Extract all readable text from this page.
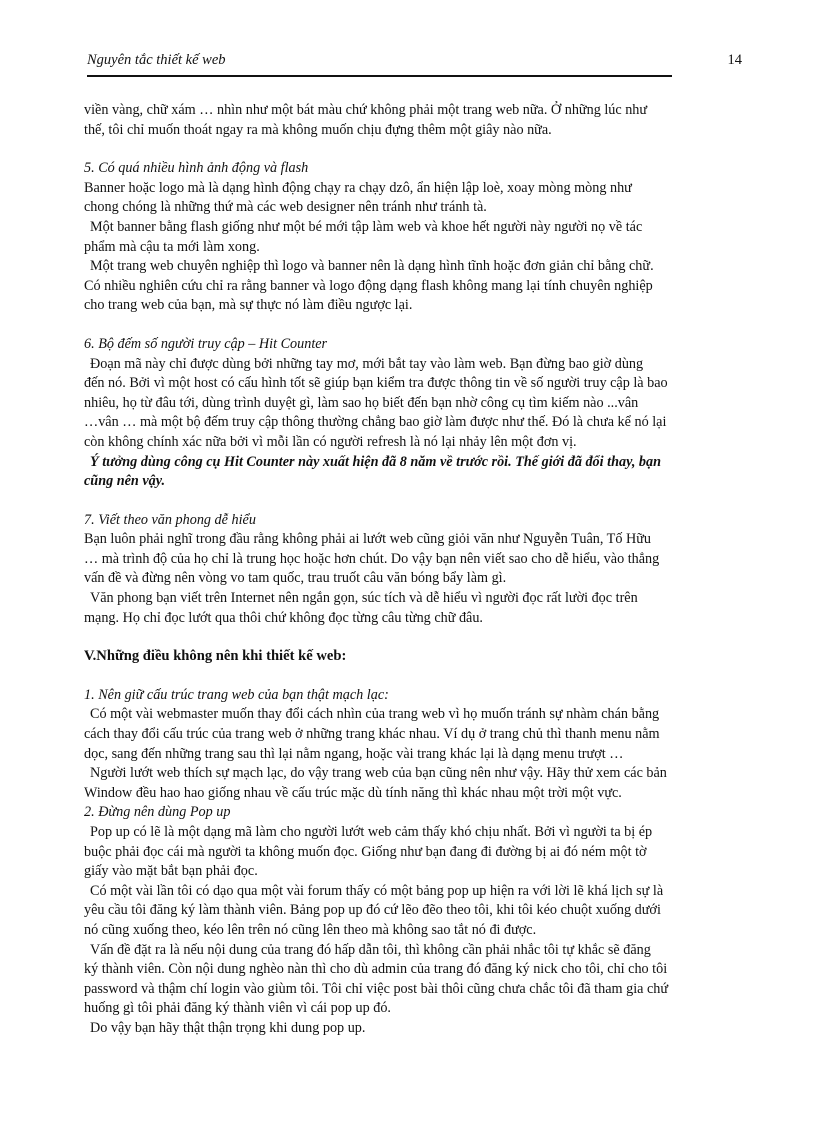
Nguyên tắc thiết kế web	14

viền vàng, chữ xám … nhìn như một bát màu chứ không phải một trang web nữa. Ở những lúc như

thế, tôi chỉ muốn thoát ngay ra mà không muốn chịu đựng thêm một giây nào nữa.

5. Có quá nhiều hình ảnh động và flash

Banner hoặc logo mà là dạng hình động chạy ra chạy dzô, ẩn hiện lập loè, xoay mòng mòng như

chong chóng là những thứ mà các web designer nên tránh như tránh tà.

Một banner bằng flash giống như một bé mới tập làm web và khoe hết người này người nọ về tác

phẩm mà cậu ta mới làm xong.

Một trang web chuyên nghiệp thì logo và banner nên là dạng hình tĩnh hoặc đơn giản chỉ bằng chữ.

Có nhiều nghiên cứu chỉ ra rằng banner và logo động dạng flash không mang lại tính chuyên nghiệp

cho trang web của bạn, mà sự thực nó làm điều ngược lại.

6. Bộ đếm số người truy cập – Hit Counter

Đoạn mã này chỉ được dùng bởi những tay mơ, mới bắt tay vào làm web. Bạn đừng bao giờ dùng

đến nó. Bởi vì một host có cấu hình tốt sẽ giúp bạn kiểm tra được thông tin về số người truy cập là bao

nhiêu, họ từ đâu tới, dùng trình duyệt gì, làm sao họ biết đến bạn nhờ công cụ tìm kiếm nào ...vân

…vân … mà một bộ đếm truy cập thông thường chẳng bao giờ làm được như thế. Đó là chưa kể nó lại

còn không chính xác nữa bởi vì mỗi lần có người refresh là nó lại nhảy lên một đơn vị.

Ý tưởng dùng công cụ Hit Counter này xuất hiện đã 8 năm về trước rồi. Thế giới đã đổi thay, bạn

cũng nên vậy.

7. Viết theo văn phong dễ hiểu

Bạn luôn phải nghĩ trong đầu rằng không phải ai lướt web cũng giỏi văn như Nguyễn Tuân, Tố Hữu

… mà trình độ của họ chỉ là trung học hoặc hơn chút. Do vậy bạn nên viết sao cho dễ hiểu, vào thẳng

vấn đề và đừng nên vòng vo tam quốc, trau truốt câu văn bóng bẩy làm gì.

Văn phong bạn viết trên Internet nên ngắn gọn, súc tích và dễ hiểu vì người đọc rất lười đọc trên

mạng. Họ chỉ đọc lướt qua thôi chứ không đọc từng câu từng chữ đâu.

V.Những điều không nên khi thiết kế web:

1. Nên giữ cấu trúc trang web của bạn thật mạch lạc:

Có một vài webmaster muốn thay đổi cách nhìn của trang web vì họ muốn tránh sự nhàm chán bằng

cách thay đổi cấu trúc của trang web ở những trang khác nhau. Ví dụ ở trang chủ thì thanh menu nằm

dọc, sang đến những trang sau thì lại nằm ngang, hoặc vài trang khác lại là dạng menu trượt …

Người lướt web thích sự mạch lạc, do vậy trang web của bạn cũng nên như vậy. Hãy thử xem các bản

Window đều hao hao giống nhau về cấu trúc mặc dù tính năng thì khác nhau một trời một vực.

2. Đừng nên dùng Pop up

Pop up có lẽ là một dạng mã làm cho người lướt web cảm thấy khó chịu nhất. Bởi vì người ta bị ép

buộc phải đọc cái mà người ta không muốn đọc. Giống như bạn đang đi đường bị ai đó ném một tờ

giấy vào mặt bắt bạn phải đọc.

Có một vài lần tôi có dạo qua một vài forum thấy có một bảng pop up hiện ra với lời lẽ khá lịch sự là

yêu cầu tôi đăng ký làm thành viên. Bảng pop up đó cứ lẽo đẽo theo tôi, khi tôi kéo chuột xuống dưới

nó cũng xuống theo, kéo lên trên nó cũng lên theo mà không sao tắt nó đi được.

Vấn đề đặt ra là nếu nội dung của trang đó hấp dẫn tôi, thì không cần phải nhắc tôi tự khắc sẽ đăng

ký thành viên. Còn nội dung nghèo nàn thì cho dù admin của trang đó đăng ký nick cho tôi, chỉ cho tôi

password và thậm chí login vào giùm tôi. Tôi chỉ việc post bài thôi cũng chưa chắc tôi đã tham gia chứ

huống gì tôi phải đăng ký thành viên vì cái pop up đó.

Do vậy bạn hãy thật thận trọng khi dung pop up.
